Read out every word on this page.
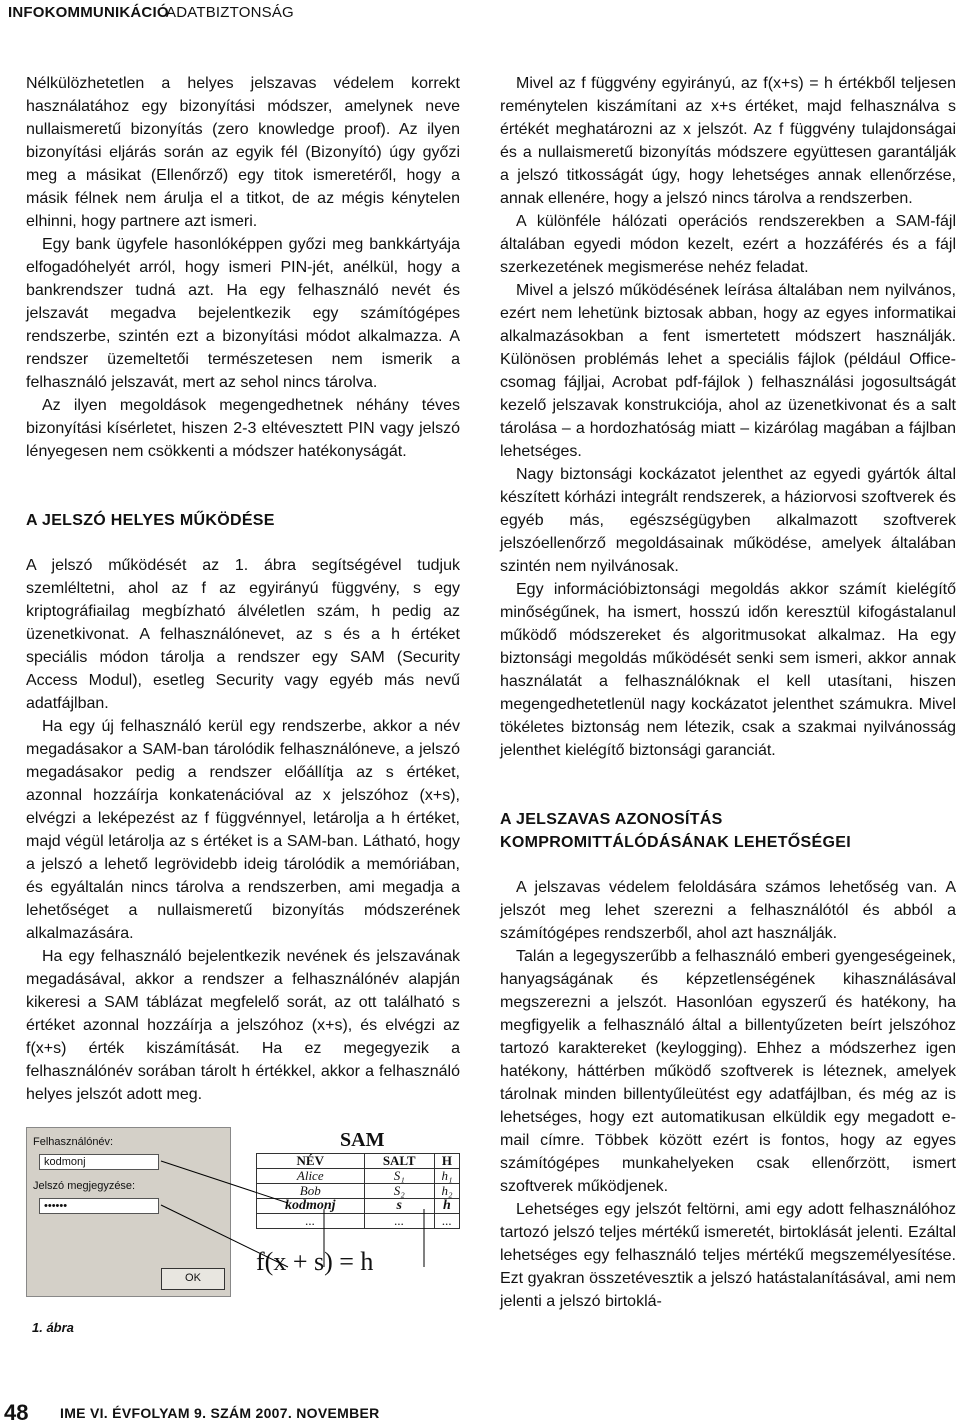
INFOKOMMUNIKÁCIÓ
ADATBIZTONSÁG

Nélkülözhetetlen a helyes jelszavas védelem korrekt használatához egy bizonyítási módszer, amelynek neve nullaismeretű bizonyítás (zero knowledge proof). Az ilyen bizonyítási eljárás során az egyik fél (Bizonyító) úgy győzi meg a másikat (Ellenőrző) egy titok ismeretéről, hogy a másik félnek nem árulja el a titkot, de az mégis kénytelen elhinni, hogy partnere azt ismeri.

Egy bank ügyfele hasonlóképpen győzi meg bankkártyája elfogadóhelyét arról, hogy ismeri PIN-jét, anélkül, hogy a bankrendszer tudná azt. Ha egy felhasználó nevét és jelszavát megadva bejelentkezik egy számítógépes rendszerbe, szintén ezt a bizonyítási módot alkalmazza. A rendszer üzemeltetői természetesen nem ismerik a felhasználó jelszavát, mert az sehol nincs tárolva.

Az ilyen megoldások megengedhetnek néhány téves bizonyítási kísérletet, hiszen 2-3 eltévesztett PIN vagy jelszó lényegesen nem csökkenti a módszer hatékonyságát.

A JELSZÓ HELYES MŰKÖDÉSE

A jelszó működését az 1. ábra segítségével tudjuk szemléltetni, ahol az f az egyirányú függvény, s egy kriptográfiailag megbízható álvéletlen szám, h pedig az üzenetkivonat. A felhasználónevet, az s és a h értéket speciális módon tárolja a rendszer egy SAM (Security Access Modul), esetleg Security vagy egyéb más nevű adatfájlban.

Ha egy új felhasználó kerül egy rendszerbe, akkor a név megadásakor a SAM-ban tárolódik felhasználóneve, a jelszó megadásakor pedig a rendszer előállítja az s értéket, azonnal hozzáírja konkatenációval az x jelszóhoz (x+s), elvégzi a leképezést az f függvénnyel, letárolja a h értéket, majd végül letárolja az s értéket is a SAM-ban. Látható, hogy a jelszó a lehető legrövidebb ideig tárolódik a memóriában, és egyáltalán nincs tárolva a rendszerben, ami megadja a lehetőséget a nullaismeretű bizonyítás módszerének alkalmazására.

Ha egy felhasználó bejelentkezik nevének és jelszavának megadásával, akkor a rendszer a felhasználónév alapján kikeresi a SAM táblázat megfelelő sorát, az ott található s értéket azonnal hozzáírja a jelszóhoz (x+s), és elvégzi az f(x+s) érték kiszámítását. Ha ez megegyezik a felhasználónév sorában tárolt h értékkel, akkor a felhasználó helyes jelszót adott meg.

Felhasználónév:
kodmonj
Jelszó megjegyzése:
••••••
OK
SAM
NÉV	SALT	H
Alice	S₁	h₁
Bob	S₂	h₂
kodmonj	s	h
...	...	...
f(x + s) = h
1. ábra

Mivel az f függvény egyirányú, az f(x+s) = h értékből teljesen reménytelen kiszámítani az x+s értéket, majd felhasználva s értékét meghatározni az x jelszót. Az f függvény tulajdonságai és a nullaismeretű bizonyítás módszere együttesen garantálják a jelszó titkosságát úgy, hogy lehetséges annak ellenőrzése, annak ellenére, hogy a jelszó nincs tárolva a rendszerben.

A különféle hálózati operációs rendszerekben a SAM-fájl általában egyedi módon kezelt, ezért a hozzáférés és a fájl szerkezetének megismerése nehéz feladat.

Mivel a jelszó működésének leírása általában nem nyilvános, ezért nem lehetünk biztosak abban, hogy az egyes informatikai alkalmazásokban a fent ismertetett módszert használják. Különösen problémás lehet a speciális fájlok (például Office-csomag fájljai, Acrobat pdf-fájlok ) felhasználási jogosultságát kezelő jelszavak konstrukciója, ahol az üzenetkivonat és a salt tárolása – a hordozhatóság miatt – kizárólag magában a fájlban lehetséges.

Nagy biztonsági kockázatot jelenthet az egyedi gyártók által készített kórházi integrált rendszerek, a háziorvosi szoftverek és egyéb más, egészségügyben alkalmazott szoftverek jelszóellenőrző megoldásainak működése, amelyek általában szintén nem nyilvánosak.

Egy információbiztonsági megoldás akkor számít kielégítő minőségűnek, ha ismert, hosszú időn keresztül kifogástalanul működő módszereket és algoritmusokat alkalmaz. Ha egy biztonsági megoldás működését senki sem ismeri, akkor annak használatát a felhasználóknak el kell utasítani, hiszen megengedhetetlenül nagy kockázatot jelenthet számukra. Mivel tökéletes biztonság nem létezik, csak a szakmai nyilvánosság jelenthet kielégítő biztonsági garanciát.

A JELSZAVAS AZONOSÍTÁS
KOMPROMITTÁLÓDÁSÁNAK LEHETŐSÉGEI

A jelszavas védelem feloldására számos lehetőség van. A jelszót meg lehet szerezni a felhasználótól és abból a számítógépes rendszerből, ahol azt használják.

Talán a legegyszerűbb a felhasználó emberi gyengeségeinek, hanyagságának és képzetlenségének kihasználásával megszerezni a jelszót. Hasonlóan egyszerű és hatékony, ha megfigyelik a felhasználó által a billentyűzeten beírt jelszóhoz tartozó karaktereket (keylogging). Ehhez a módszerhez igen hatékony, háttérben működő szoftverek is léteznek, amelyek tárolnak minden billentyűleütést egy adatfájlban, és még az is lehetséges, hogy ezt automatikusan elküldik egy megadott e-mail címre. Többek között ezért is fontos, hogy az egyes számítógépes munkahelyeken csak ellenőrzött, ismert szoftverek működjenek.

Lehetséges egy jelszót feltörni, ami egy adott felhasználóhoz tartozó jelszó teljes mértékű ismeretét, birtoklását jelenti. Ezáltal lehetséges egy felhasználó teljes mértékű megszemélyesítése. Ezt gyakran összetévesztik a jelszó hatástalanításával, ami nem jelenti a jelszó birtoklá-

48 IME VI. ÉVFOLYAM 9. SZÁM 2007. NOVEMBER
